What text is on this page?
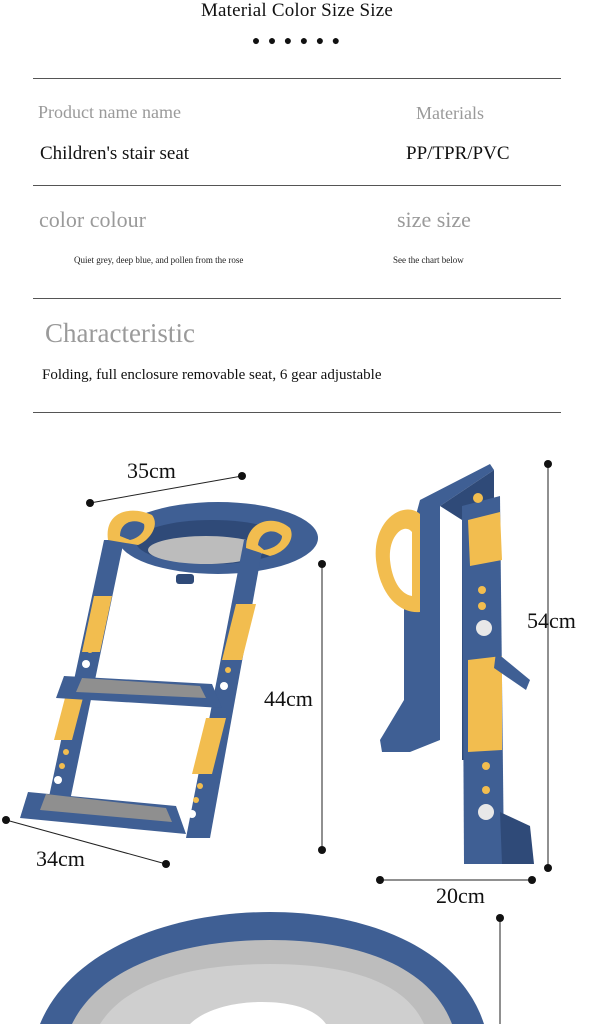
Material Color Size Size
● ● ● ● ● ●
Product name name	Materials
Children's stair seat	PP/TPR/PVC
color colour	size size
Quiet grey, deep blue, and pollen from the rose	See the chart below
Characteristic
Folding, full enclosure removable seat, 6 gear adjustable
35cm
44cm
34cm
54cm
20cm
